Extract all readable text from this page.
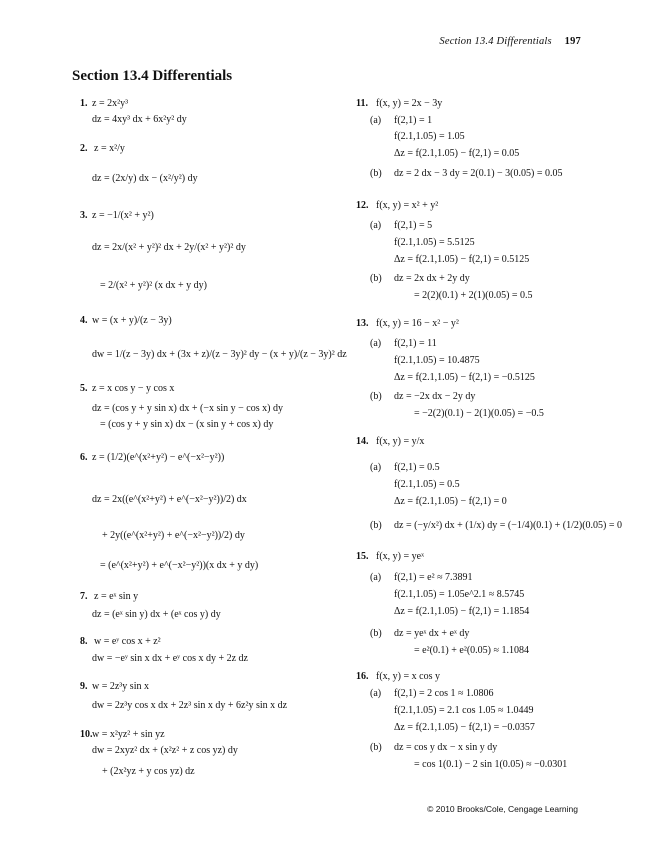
Section 13.4 Differentials 197
Section 13.4 Differentials
1. z = 2x²y³
dz = 4xy³ dx + 6x²y² dy
2. z = x²/y
dz = (2x/y) dx − (x²/y²) dy
3. z = −1/(x² + y²)
dz = 2x/(x² + y²)² dx + 2y/(x² + y²)² dy
= 2/(x² + y²)² (x dx + y dy)
4. w = (x + y)/(z − 3y)
dw = 1/(z − 3y) dx + (3x + z)/(z − 3y)² dy − (x + y)/(z − 3y)² dz
5. z = x cos y − y cos x
dz = (cos y + y sin x) dx + (−x sin y − cos x) dy
= (cos y + y sin x) dx − (x sin y + cos x) dy
6. z = (1/2)(e^(x²+y²) − e^(−x²−y²))
dz = 2x((e^(x²+y²) + e^(−x²−y²))/2) dx
+ 2y((e^(x²+y²) + e^(−x²−y²))/2) dy
= (e^(x²+y²) + e^(−x²−y²))(x dx + y dy)
7. z = eˣ sin y
dz = (eˣ sin y) dx + (eˣ cos y) dy
8. w = eʸ cos x + z²
dw = −eʸ sin x dx + eʸ cos x dy + 2z dz
9. w = 2z³y sin x
dw = 2z³y cos x dx + 2z³ sin x dy + 6z²y sin x dz
10. w = x²yz² + sin yz
dw = 2xyz² dx + (x²z² + z cos yz) dy
+ (2x²yz + y cos yz) dz
11. f(x, y) = 2x − 3y
(a) f(2,1) = 1
f(2.1,1.05) = 1.05
Δz = f(2.1,1.05) − f(2,1) = 0.05
(b) dz = 2 dx − 3 dy = 2(0.1) − 3(0.05) = 0.05
12. f(x, y) = x² + y²
(a) f(2,1) = 5
f(2.1,1.05) = 5.5125
Δz = f(2.1,1.05) − f(2,1) = 0.5125
(b) dz = 2x dx + 2y dy
= 2(2)(0.1) + 2(1)(0.05) = 0.5
13. f(x, y) = 16 − x² − y²
(a) f(2,1) = 11
f(2.1,1.05) = 10.4875
Δz = f(2.1,1.05) − f(2,1) = −0.5125
(b) dz = −2x dx − 2y dy
= −2(2)(0.1) − 2(1)(0.05) = −0.5
14. f(x, y) = y/x
(a) f(2,1) = 0.5
f(2.1,1.05) = 0.5
Δz = f(2.1,1.05) − f(2,1) = 0
(b) dz = (−y/x²) dx + (1/x) dy = (−1/4)(0.1) + (1/2)(0.05) = 0
15. f(x, y) = yeˣ
(a) f(2,1) = e² ≈ 7.3891
f(2.1,1.05) = 1.05e^2.1 ≈ 8.5745
Δz = f(2.1,1.05) − f(2,1) = 1.1854
(b) dz = yeˣ dx + eˣ dy
= e²(0.1) + e²(0.05) ≈ 1.1084
16. f(x, y) = x cos y
(a) f(2,1) = 2 cos 1 ≈ 1.0806
f(2.1,1.05) = 2.1 cos 1.05 ≈ 1.0449
Δz = f(2.1,1.05) − f(2,1) = −0.0357
(b) dz = cos y dx − x sin y dy
= cos 1(0.1) − 2 sin 1(0.05) ≈ −0.0301
© 2010 Brooks/Cole, Cengage Learning
